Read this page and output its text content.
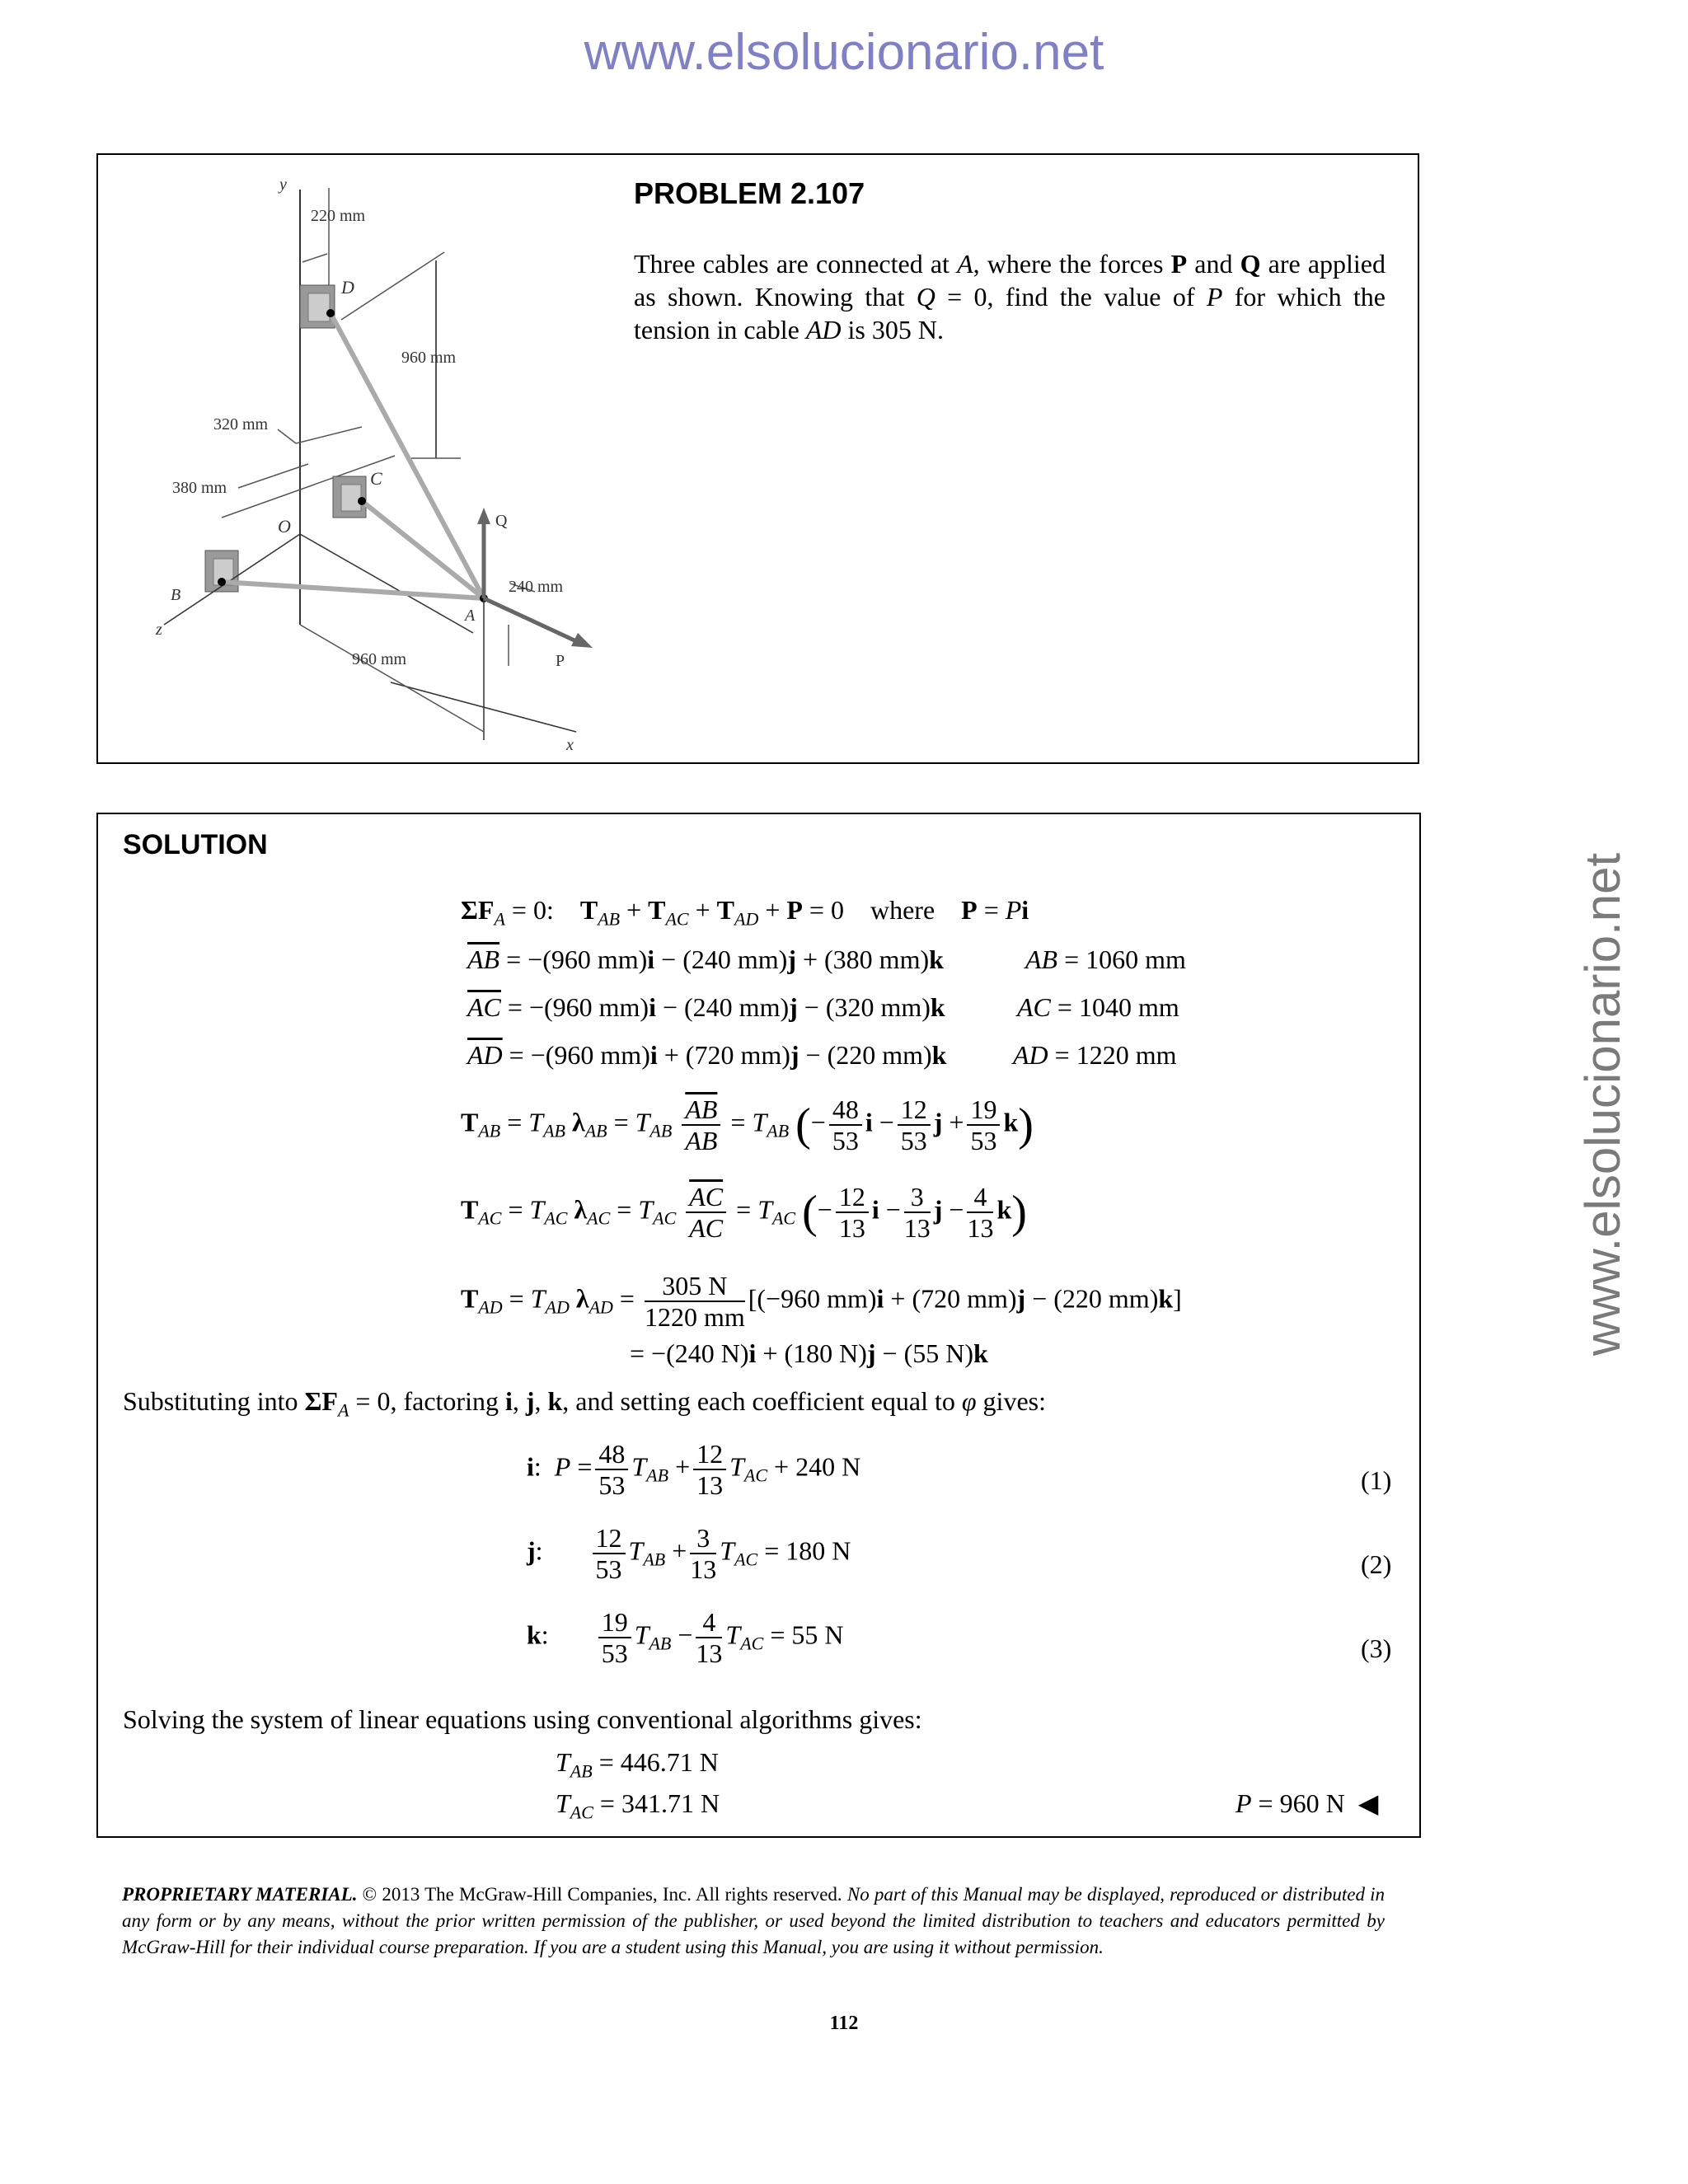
www.elsolucionario.net
www.elsolucionario.net
y
220 mm
D
960 mm
320 mm
380 mm	C
O
B
z
x
A
Q
P
240 mm
960 mm
PROBLEM 2.107
Three cables are connected at A, where the forces P and Q are applied as shown. Knowing that Q = 0, find the value of P for which the tension in cable AD is 305 N.
SOLUTION
$\Sigma F_A = 0$:    $T_{AB} + T_{AC} + T_{AD} + P = 0$    where    P = Pi
$\overline{AB} = -(960$ mm)i − (240 mm)j + (380 mm)k	AB = 1060 mm
$\overline{AC} = -(960$ mm)i − (240 mm)j − (320 mm)k	AC = 1040 mm
$\overline{AD} = -(960$ mm)i + (720 mm)j − (220 mm)k	AD = 1220 mm
$T_{AB} = T_{AB}$ $\lambda_{AB} = T_{AB} \frac{\overline{AB}}{AB} = T_{AB}$ (− $\frac{48}{53}$ $i - \frac{12}{53}$ $j + \frac{19}{53} k$)
$T_{AC} = T_{AC}$ $\lambda_{AC} = T_{AC} \frac{\overline{AC}}{AC} = T_{AC}$ (− $\frac{12}{13}$ $i - \frac{3}{13}$ $j - \frac{4}{13} k$)
$T_{AD} = T_{AD}$ $\lambda_{AD} = \frac{305 N}{1220 mm} [(-960$ mm)i + (720 mm)j − (220 mm)k]
= −(240 N)i + (180 N)j − (55 N)k
Substituting into $\Sigma F_A = 0$, factoring i, j, k, and setting each coefficient equal to φ gives:
i:  $P = \frac{48}{53} T_{AB} + \frac{12}{13} T_{AC} + 240$ N	(1)
j: $\frac{12}{53} T_{AB} + \frac{3}{13} T_{AC} = 180$ N	(2)
k: $\frac{19}{53} T_{AB} - \frac{4}{13} T_{AC} = 55$ N	(3)
Solving the system of linear equations using conventional algorithms gives:
$T_{AB} = 446.71$ N
$T_{AC} = 341.71$ N	P = 960 N  ◀
PROPRIETARY MATERIAL. © 2013 The McGraw-Hill Companies, Inc. All rights reserved. No part of this Manual may be displayed, reproduced or distributed in any form or by any means, without the prior written permission of the publisher, or used beyond the limited distribution to teachers and educators permitted by McGraw-Hill for their individual course preparation. If you are a student using this Manual, you are using it without permission.
112
